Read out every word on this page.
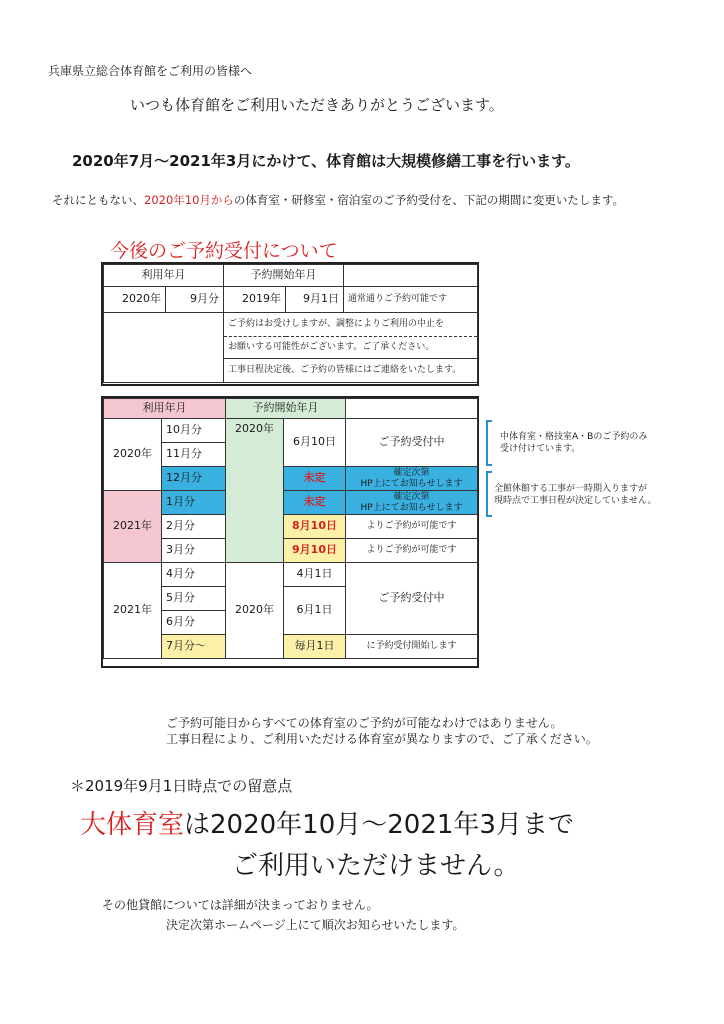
兵庫県立総合体育館をご利用の皆様へ
いつも体育館をご利用いただきありがとうございます。
2020年7月～2021年3月にかけて、体育館は大規模修繕工事を行います。
それにともない、2020年10月からの体育室・研修室・宿泊室のご予約受付を、下記の期間に変更いたします。
今後のご予約受付について
利用年月		予約開始年月		
2020年	9月分	2019年	9月1日	通常通りご予約可能です
		ご予約はお受けしますが、調整によりご利用の中止を		
		お願いする可能性がございます。ご了承ください。		
		工事日程決定後、ご予約の皆様にはご連絡をいたします。		
利用年月		予約開始年月		
2020年	10月分	2020年	6月10日	ご予約受付中
	11月分			
	12月分		未定	確定次第
HP上にてお知らせします

2021年	1月分		未定	確定次第
HP上にてお知らせします

	2月分		8月10日	よりご予約が可能です
	3月分		9月10日	よりご予約が可能です
2021年	4月分	2020年	4月1日	ご予約受付中
	5月分		6月1日	
	6月分			
	7月分～		毎月1日	に予約受付開始します
中体育室・格技室A・Bのご予約のみ
受け付けています。
全館休館する工事が一時期入りますが
現時点で工事日程が決定していません。
ご予約可能日からすべての体育室のご予約が可能なわけではありません。
工事日程により、ご利用いただける体育室が異なりますので、ご了承ください。
＊2019年9月1日時点での留意点
大体育室は2020年10月～2021年3月まで
ご利用いただけません。
その他貸館については詳細が決まっておりません。
決定次第ホームページ上にて順次お知らせいたします。
